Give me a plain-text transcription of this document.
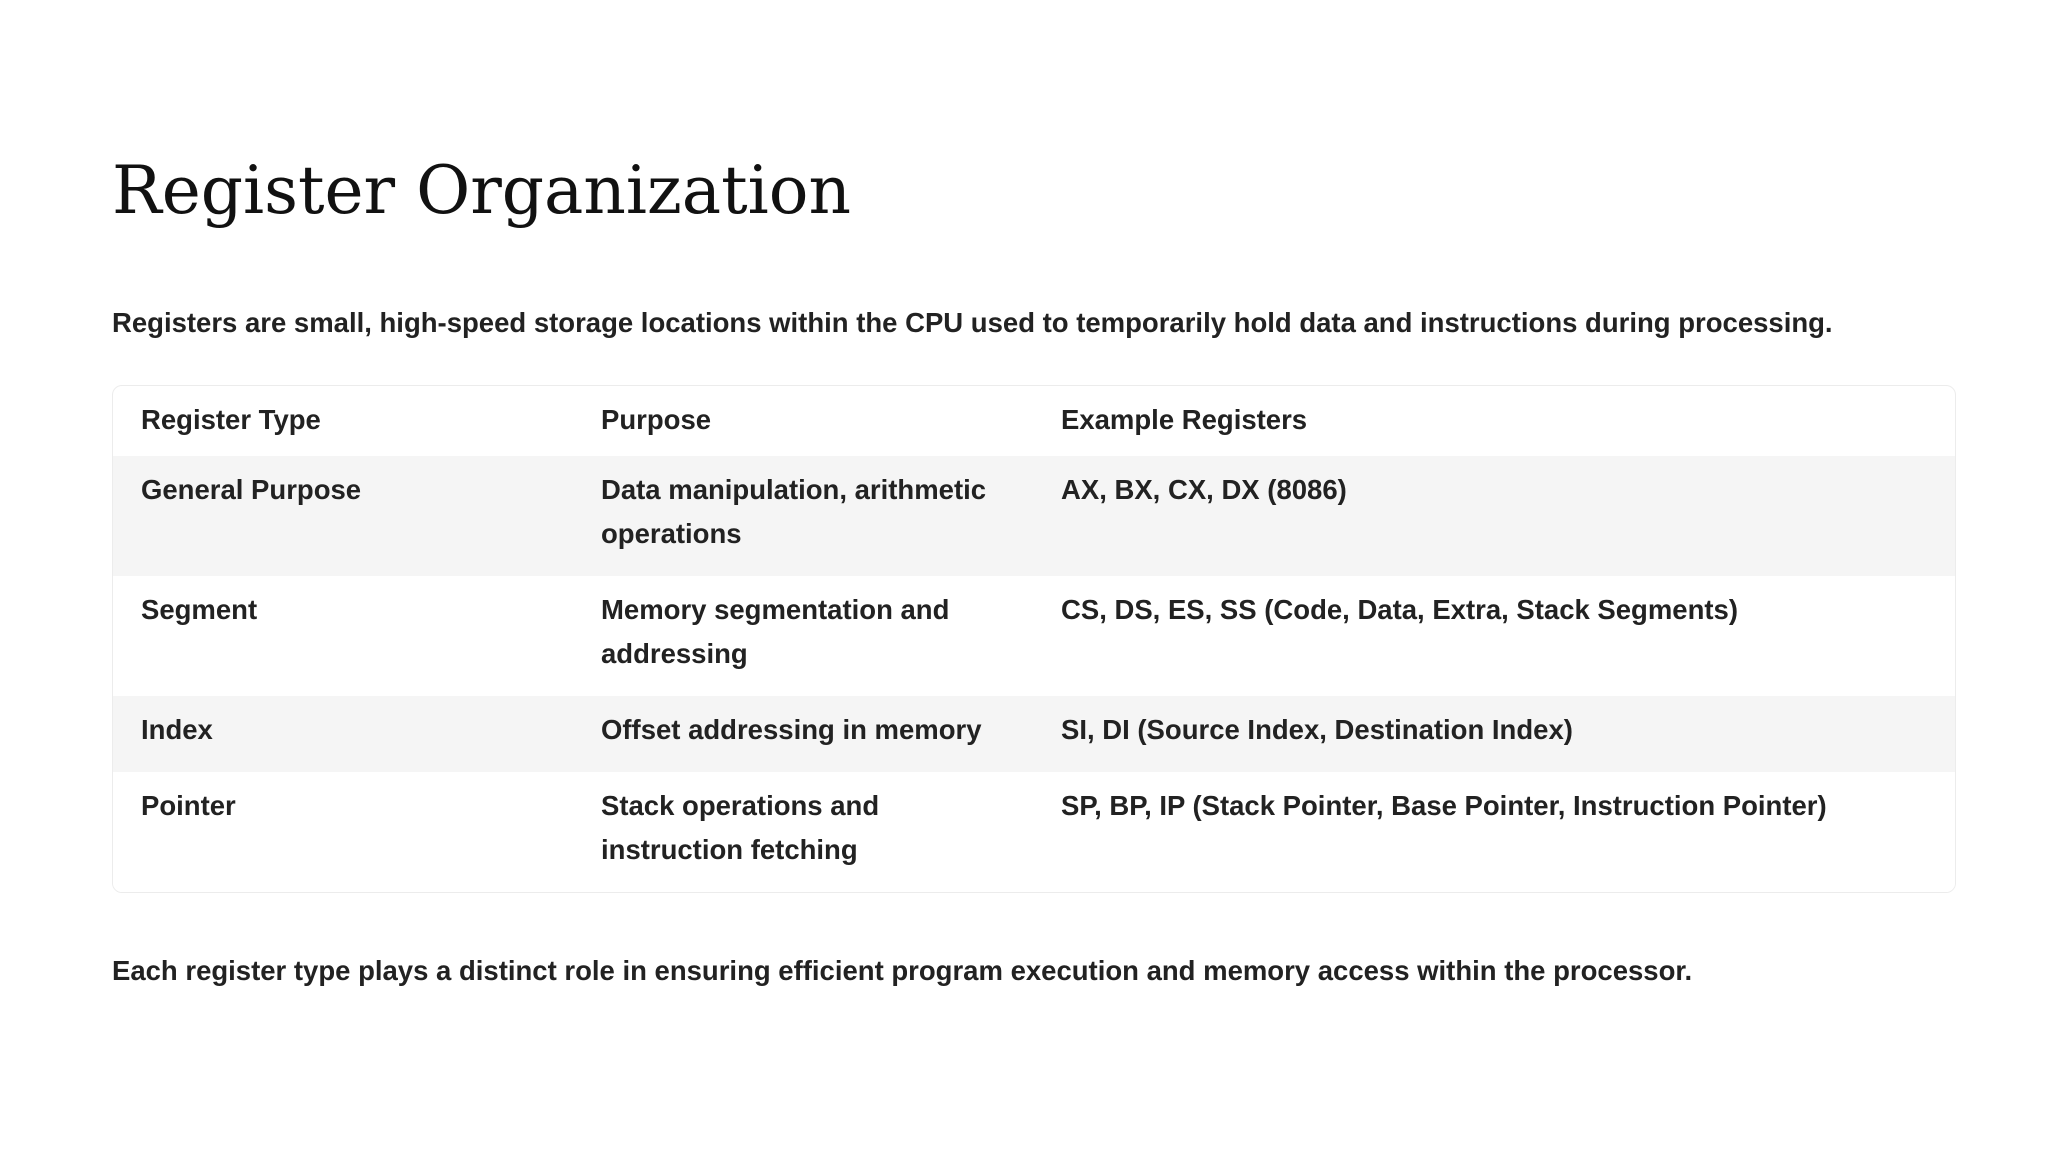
Register Organization

Registers are small, high-speed storage locations within the CPU used to temporarily hold data and instructions during processing.

Register Type	Purpose	Example Registers
General Purpose	Data manipulation, arithmetic operations	AX, BX, CX, DX (8086)
Segment	Memory segmentation and addressing	CS, DS, ES, SS (Code, Data, Extra, Stack Segments)
Index	Offset addressing in memory	SI, DI (Source Index, Destination Index)
Pointer	Stack operations and instruction fetching	SP, BP, IP (Stack Pointer, Base Pointer, Instruction Pointer)

Each register type plays a distinct role in ensuring efficient program execution and memory access within the processor.
